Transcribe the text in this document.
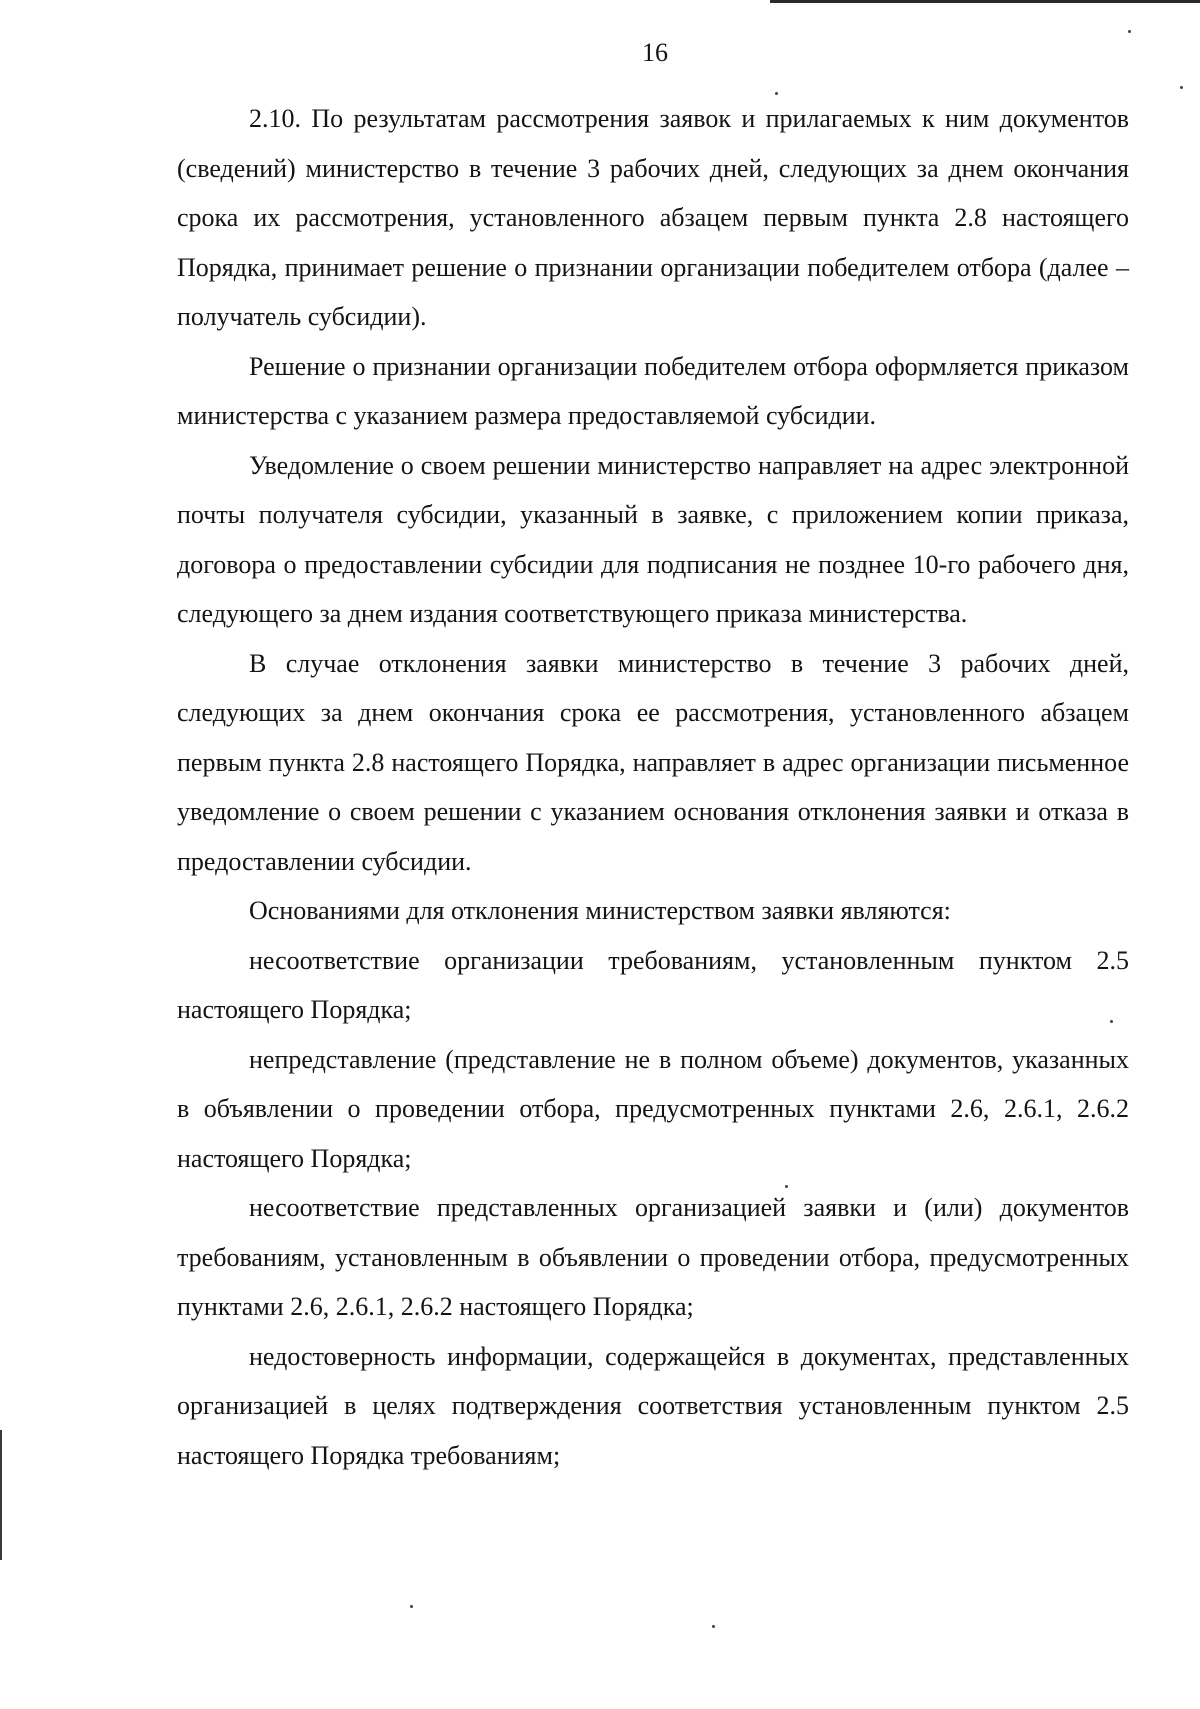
16

2.10. По результатам рассмотрения заявок и прилагаемых к ним документов (сведений) министерство в течение 3 рабочих дней, следующих за днем окончания срока их рассмотрения, установленного абзацем первым пункта 2.8 настоящего Порядка, принимает решение о признании организации победителем отбора (далее – получатель субсидии).

Решение о признании организации победителем отбора оформляется приказом министерства с указанием размера предоставляемой субсидии.

Уведомление о своем решении министерство направляет на адрес электронной почты получателя субсидии, указанный в заявке, с приложением копии приказа, договора о предоставлении субсидии для подписания не позднее 10-го рабочего дня, следующего за днем издания соответствующего приказа министерства.

В случае отклонения заявки министерство в течение 3 рабочих дней, следующих за днем окончания срока ее рассмотрения, установленного абзацем первым пункта 2.8 настоящего Порядка, направляет в адрес организации письменное уведомление о своем решении с указанием основания отклонения заявки и отказа в предоставлении субсидии.

Основаниями для отклонения министерством заявки являются:

несоответствие организации требованиям, установленным пунктом 2.5 настоящего Порядка;

непредставление (представление не в полном объеме) документов, указанных в объявлении о проведении отбора, предусмотренных пунктами 2.6, 2.6.1, 2.6.2 настоящего Порядка;

несоответствие представленных организацией заявки и (или) документов требованиям, установленным в объявлении о проведении отбора, предусмотренных пунктами 2.6, 2.6.1, 2.6.2 настоящего Порядка;

недостоверность информации, содержащейся в документах, представленных организацией в целях подтверждения соответствия установленным пунктом 2.5 настоящего Порядка требованиям;
